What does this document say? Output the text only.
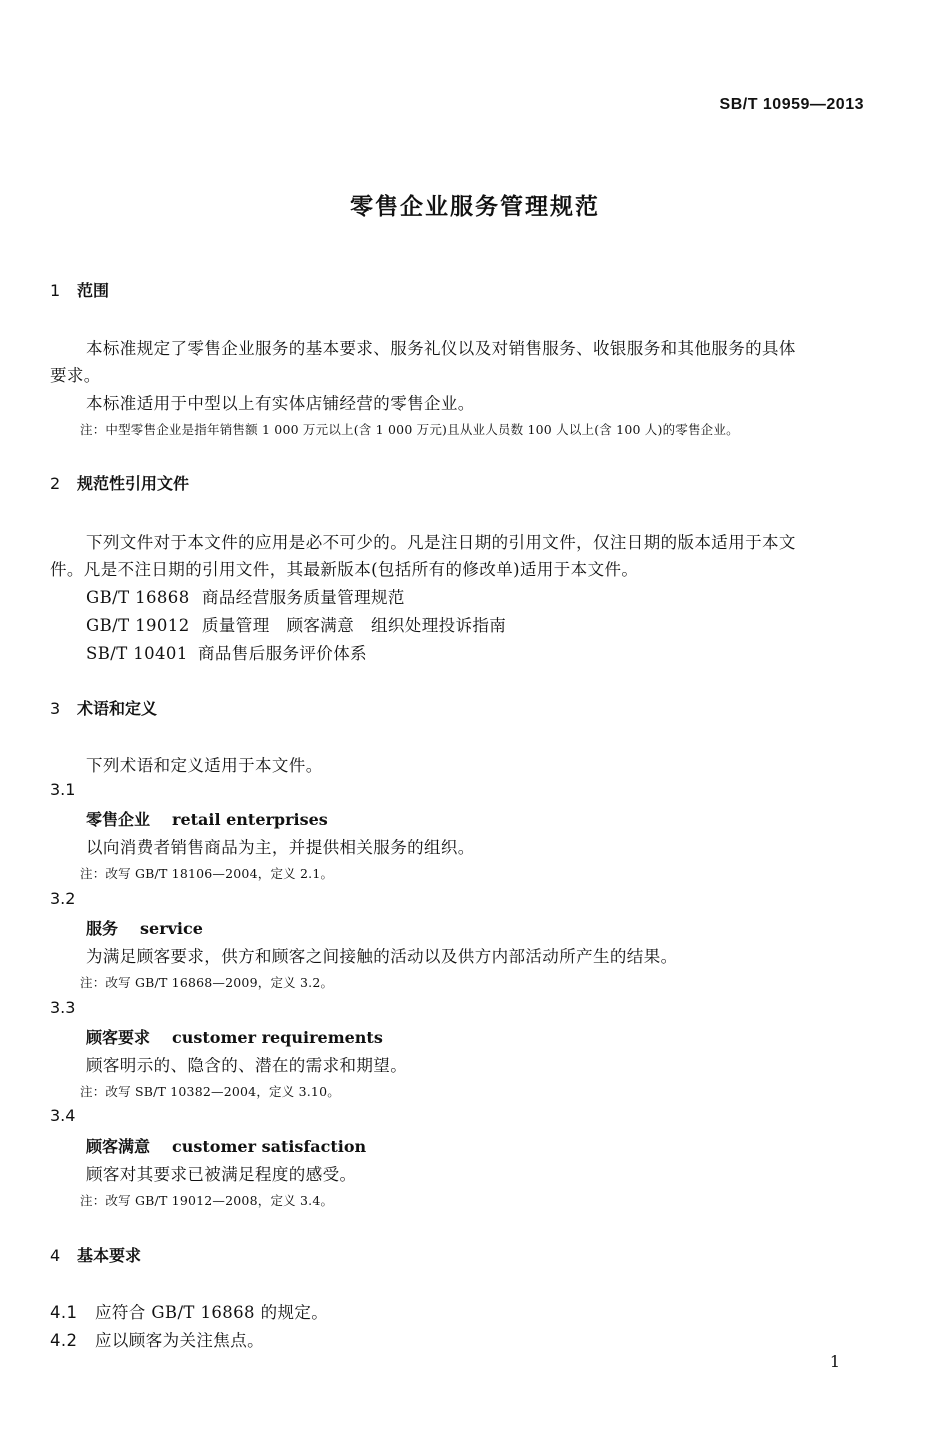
SB/T 10959—2013
零售企业服务管理规范
1 范围
本标准规定了零售企业服务的基本要求、服务礼仪以及对销售服务、收银服务和其他服务的具体
要求。
本标准适用于中型以上有实体店铺经营的零售企业。
注：中型零售企业是指年销售额 1 000 万元以上(含 1 000 万元)且从业人员数 100 人以上(含 100 人)的零售企业。
2 规范性引用文件
下列文件对于本文件的应用是必不可少的。凡是注日期的引用文件，仅注日期的版本适用于本文
件。凡是不注日期的引用文件，其最新版本(包括所有的修改单)适用于本文件。
GB/T 16868 商品经营服务质量管理规范
GB/T 19012 质量管理　顾客满意　组织处理投诉指南
SB/T 10401 商品售后服务评价体系
3 术语和定义
下列术语和定义适用于本文件。
3.1
零售企业 retail enterprises
以向消费者销售商品为主，并提供相关服务的组织。
注：改写 GB/T 18106—2004，定义 2.1。
3.2
服务 service
为满足顾客要求，供方和顾客之间接触的活动以及供方内部活动所产生的结果。
注：改写 GB/T 16868—2009，定义 3.2。
3.3
顾客要求 customer requirements
顾客明示的、隐含的、潜在的需求和期望。
注：改写 SB/T 10382—2004，定义 3.10。
3.4
顾客满意 customer satisfaction
顾客对其要求已被满足程度的感受。
注：改写 GB/T 19012—2008，定义 3.4。
4 基本要求
4.1 应符合 GB/T 16868 的规定。
4.2 应以顾客为关注焦点。
1
